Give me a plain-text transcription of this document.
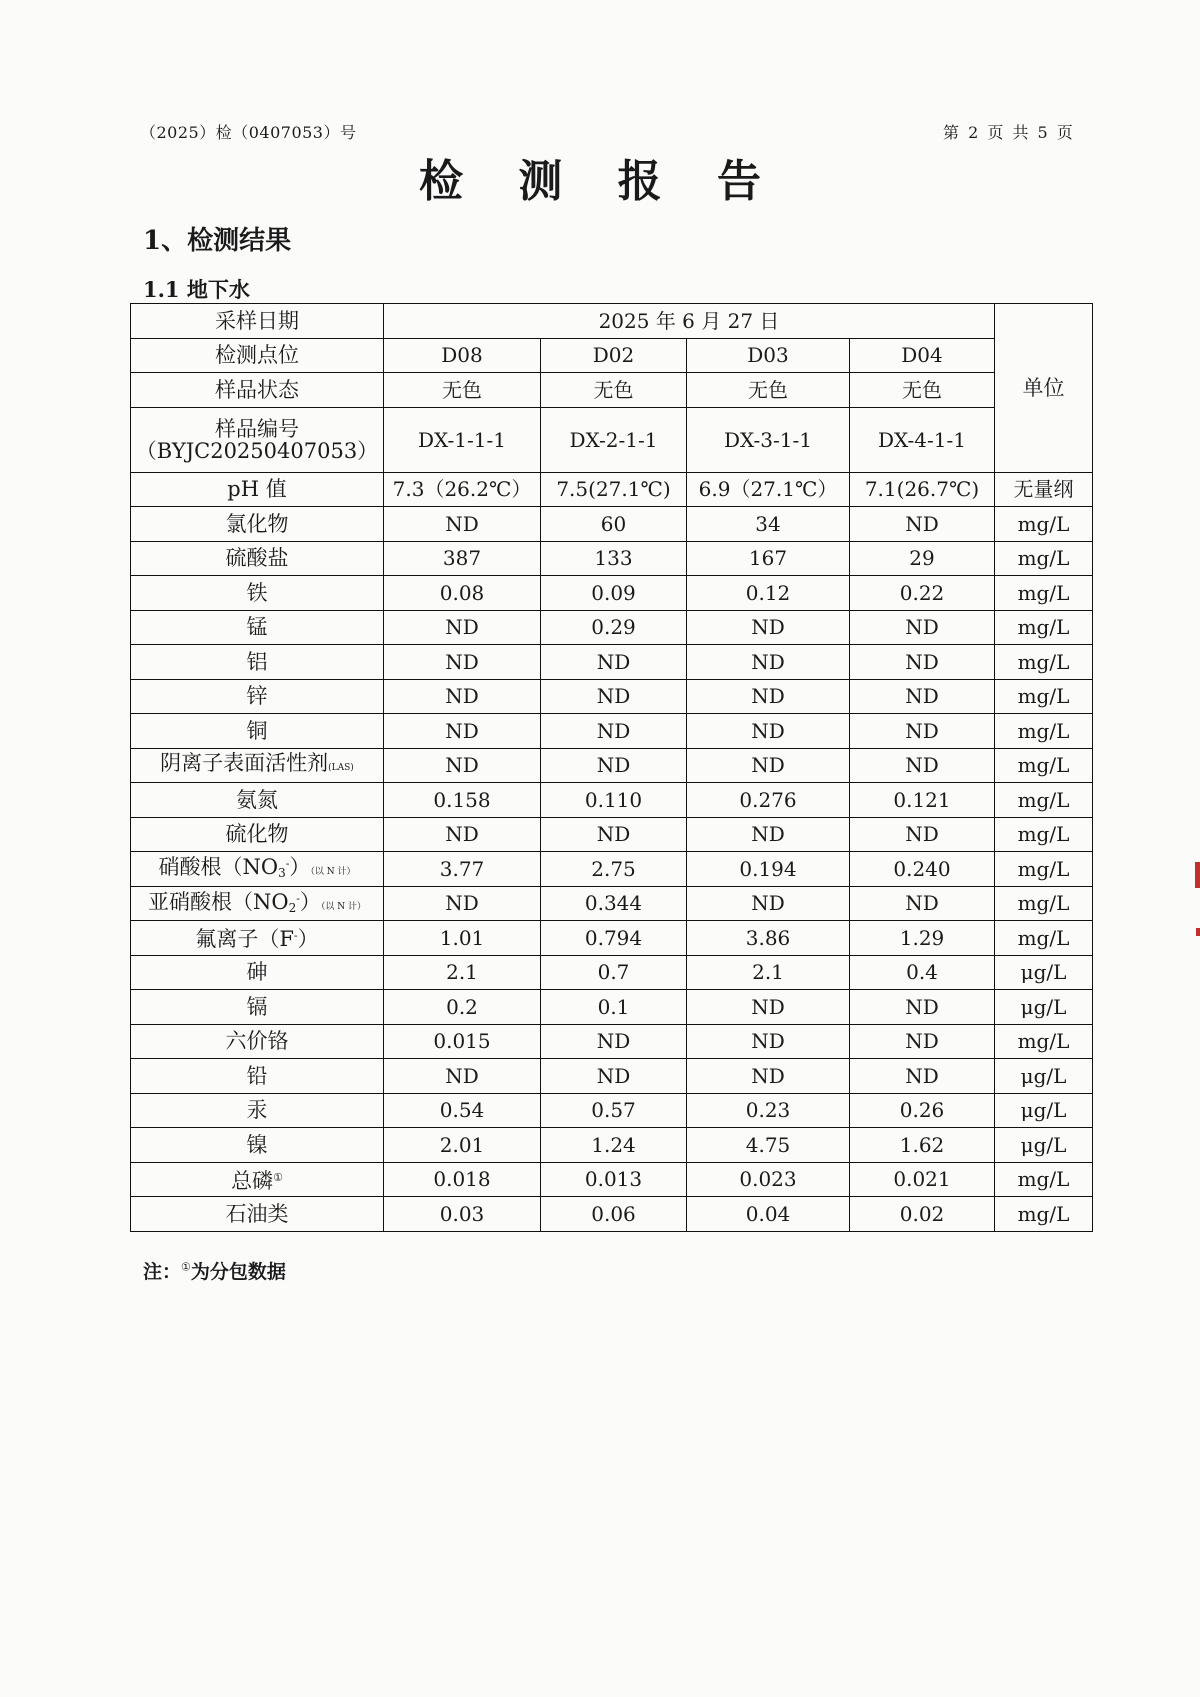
（2025）检（0407053）号	第 2 页 共 5 页
检 测 报 告
1、检测结果
1.1 地下水
采样日期	2025 年 6 月 27 日				单位
检测点位	D08	D02	D03	D04	
样品状态	无色	无色	无色	无色	

样品编号
（BYJC20250407053）	DX-1-1-1	DX-2-1-1	DX-3-1-1	DX-4-1-1	
pH 值	7.3（26.2℃）	7.5(27.1℃)	6.9（27.1℃）	7.1(26.7℃)	无量纲
氯化物	ND	60	34	ND	mg/L
硫酸盐	387	133	167	29	mg/L
铁	0.08	0.09	0.12	0.22	mg/L
锰	ND	0.29	ND	ND	mg/L
铝	ND	ND	ND	ND	mg/L
锌	ND	ND	ND	ND	mg/L
铜	ND	ND	ND	ND	mg/L
阴离子表面活性剂(LAS)	ND	ND	ND	ND	mg/L
氨氮	0.158	0.110	0.276	0.121	mg/L
硫化物	ND	ND	ND	ND	mg/L
硝酸根$(NO_3^-)$（以 N 计）	3.77	2.75	0.194	0.240	mg/L
亚硝酸根$(NO_2^-)$（以 N 计）	ND	0.344	ND	ND	mg/L
氟离子（F-）	1.01	0.794	3.86	1.29	mg/L
砷	2.1	0.7	2.1	0.4	μg/L
镉	0.2	0.1	ND	ND	μg/L
六价铬	0.015	ND	ND	ND	mg/L
铅	ND	ND	ND	ND	μg/L
汞	0.54	0.57	0.23	0.26	μg/L
镍	2.01	1.24	4.75	1.62	μg/L
总磷①	0.018	0.013	0.023	0.021	mg/L
石油类	0.03	0.06	0.04	0.02	mg/L
注：①为分包数据
